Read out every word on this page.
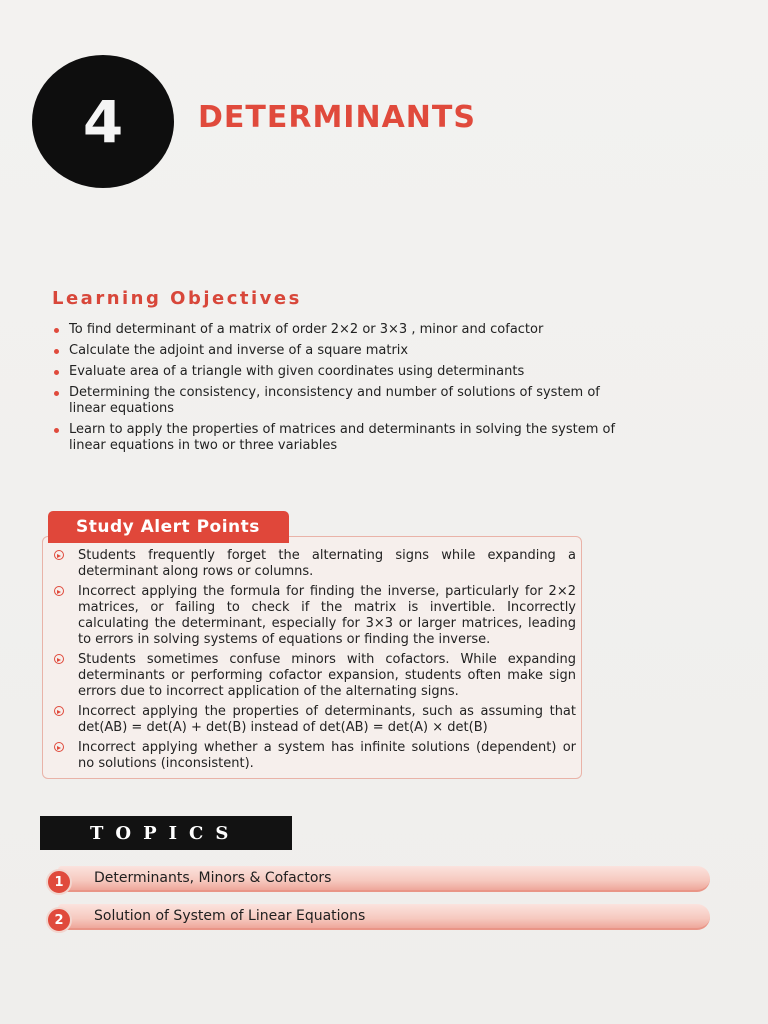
4 DETERMINANTS
Learning Objectives
To find determinant of a matrix of order 2×2 or 3×3 , minor and cofactor
Calculate the adjoint and inverse of a square matrix
Evaluate area of a triangle with given coordinates using determinants
Determining the consistency, inconsistency and number of solutions of system of linear equations
Learn to apply the properties of matrices and determinants in solving the system of linear equations in two or three variables
Study Alert Points
Students frequently forget the alternating signs while expanding a determinant along rows or columns.
Incorrect applying the formula for finding the inverse, particularly for 2×2 matrices, or failing to check if the matrix is invertible. Incorrectly calculating the determinant, especially for 3×3 or larger matrices, leading to errors in solving systems of equations or finding the inverse.
Students sometimes confuse minors with cofactors. While expanding determinants or performing cofactor expansion, students often make sign errors due to incorrect application of the alternating signs.
Incorrect applying the properties of determinants, such as assuming that det(AB) = det(A) + det(B) instead of det(AB) = det(A) × det(B)
Incorrect applying whether a system has infinite solutions (dependent) or no solutions (inconsistent).
TOPICS
1	Determinants, Minors & Cofactors
2	Solution of System of Linear Equations
